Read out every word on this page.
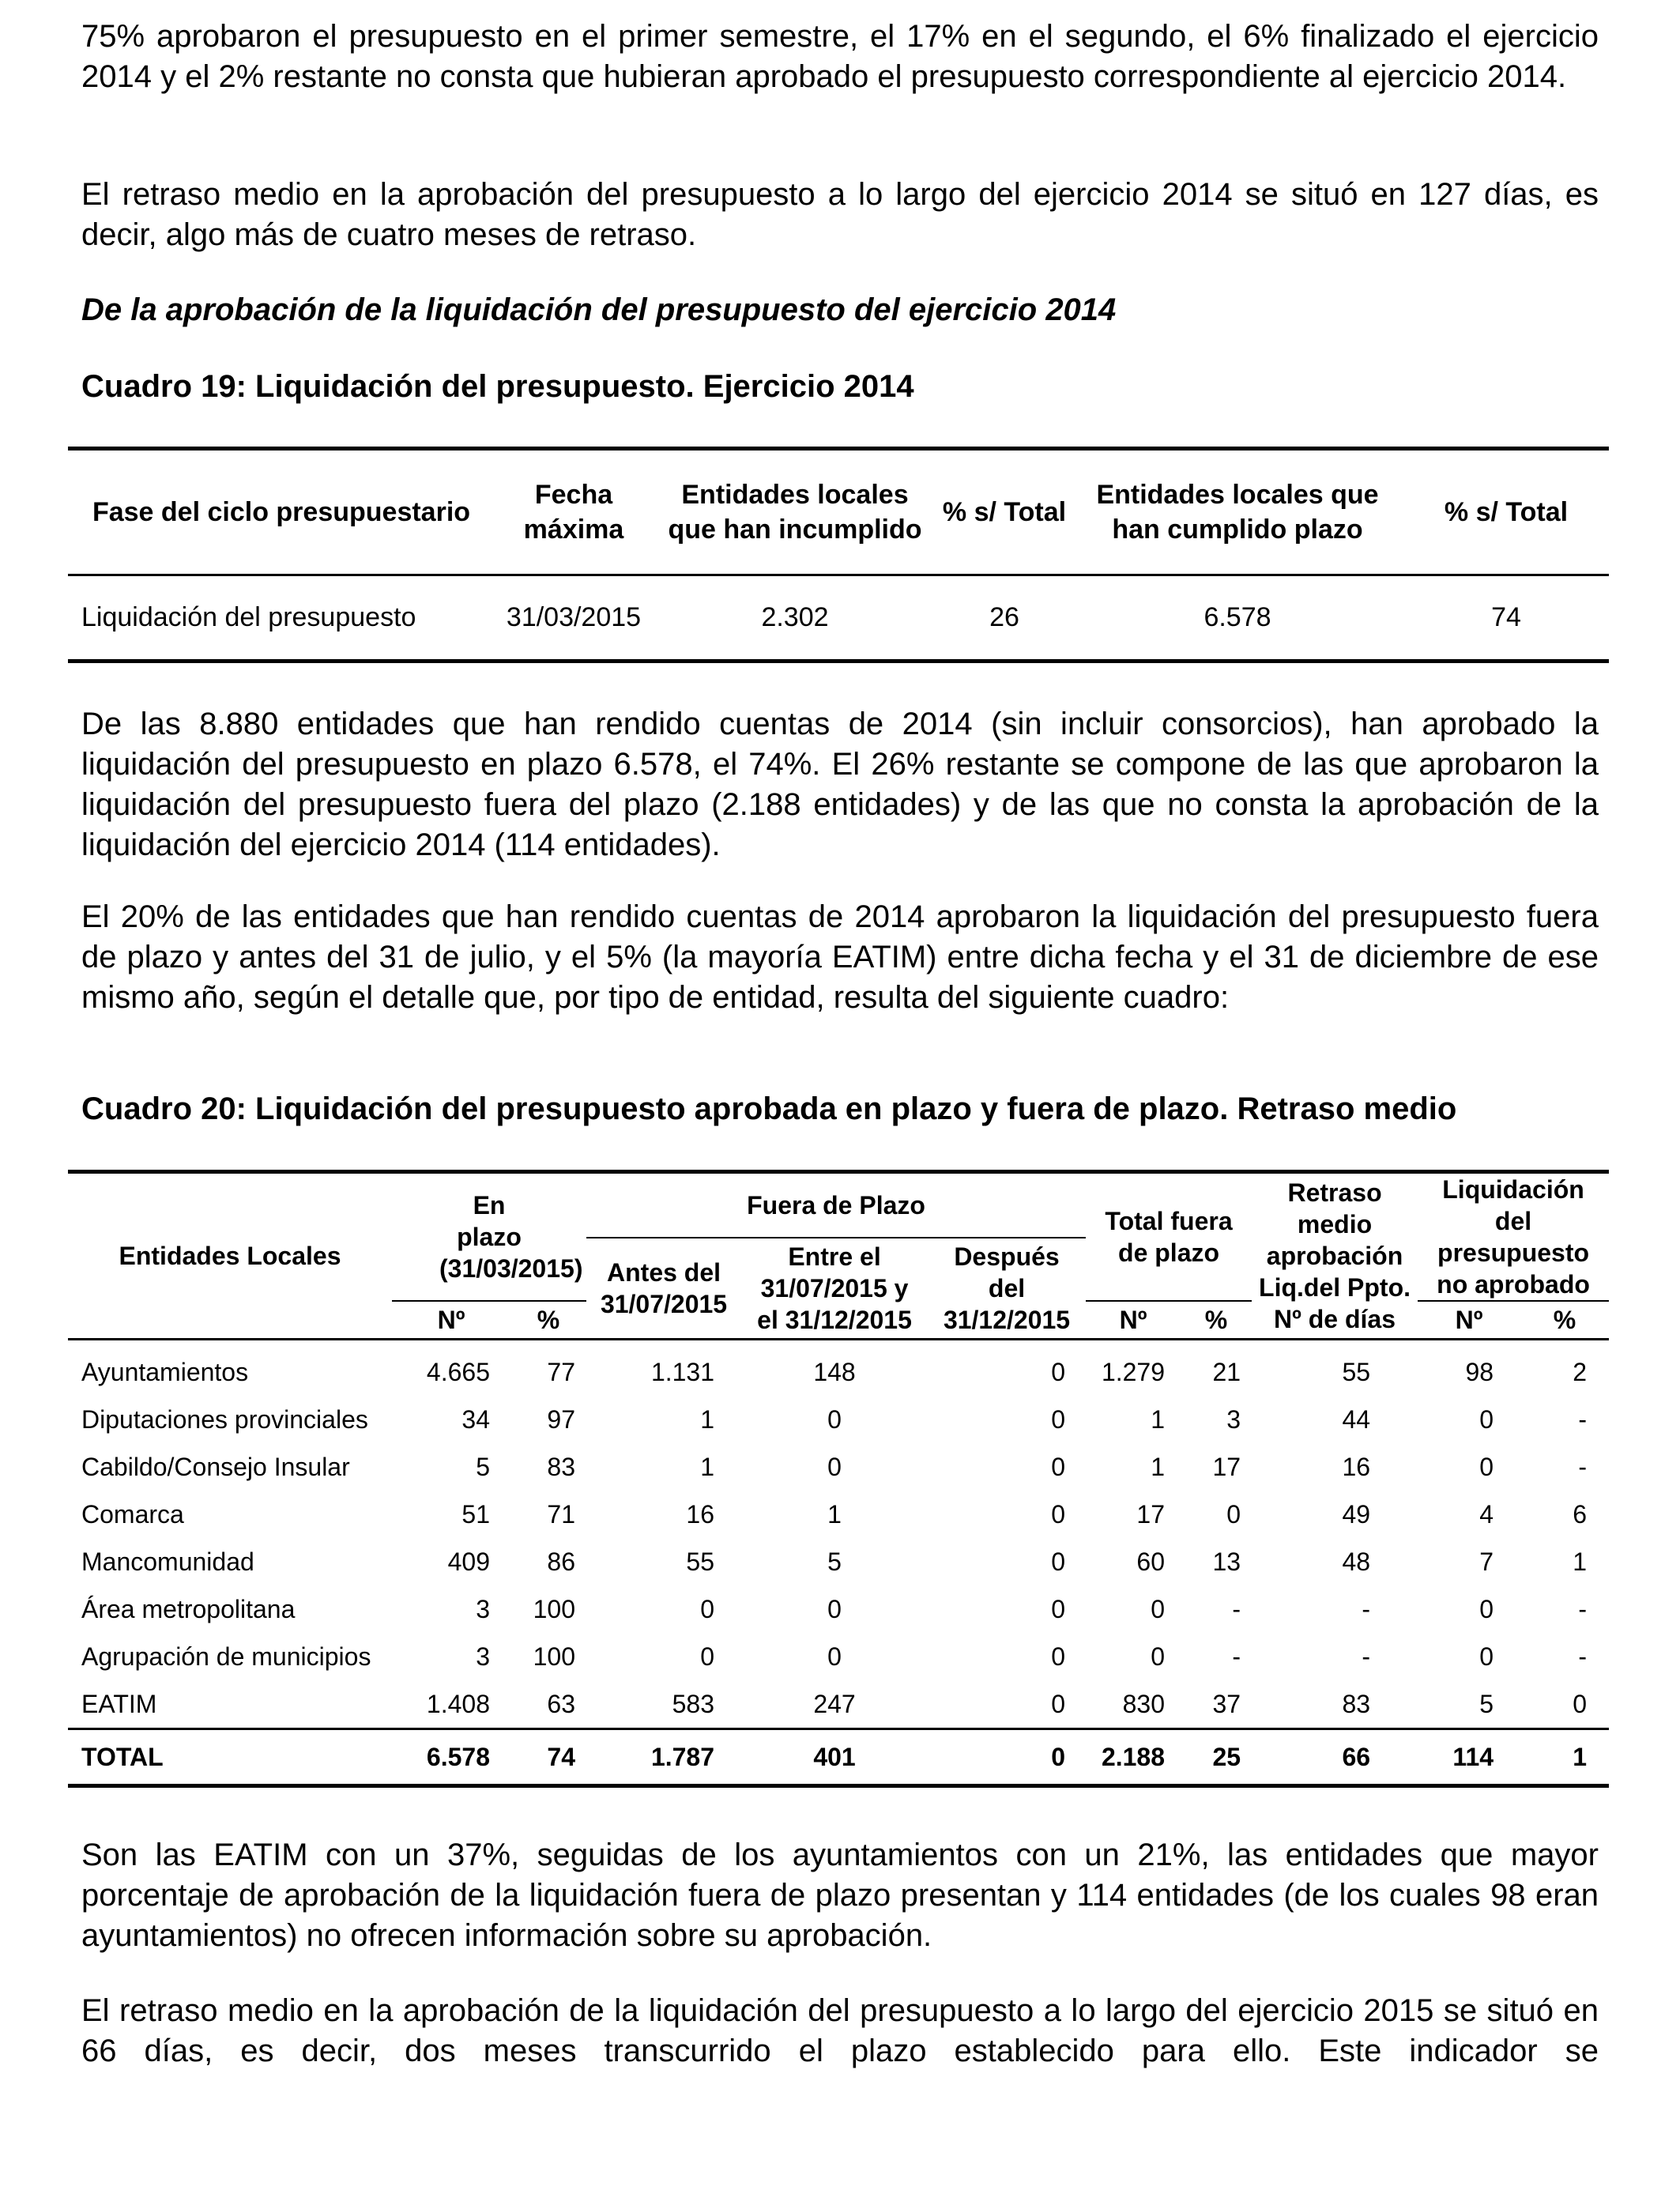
75% aprobaron el presupuesto en el primer semestre, el 17% en el segundo, el 6% finalizado el ejercicio 2014 y el 2% restante no consta que hubieran aprobado el presupuesto correspondiente al ejercicio 2014.

El retraso medio en la aprobación del presupuesto a lo largo del ejercicio 2014 se situó en 127 días, es decir, algo más de cuatro meses de retraso.

De la aprobación de la liquidación del presupuesto del ejercicio 2014

Cuadro 19: Liquidación del presupuesto. Ejercicio 2014

Fase del ciclo presupuestario	Fecha máxima	Entidades locales que han incumplido	% s/ Total	Entidades locales que han cumplido plazo	% s/ Total
Liquidación del presupuesto	31/03/2015	2.302	26	6.578	74

De las 8.880 entidades que han rendido cuentas de 2014 (sin incluir consorcios), han aprobado la liquidación del presupuesto en plazo 6.578, el 74%. El 26% restante se compone de las que aprobaron la liquidación del presupuesto fuera del plazo (2.188 entidades) y de las que no consta la aprobación de la liquidación del ejercicio 2014 (114 entidades).

El 20% de las entidades que han rendido cuentas de 2014 aprobaron la liquidación del presupuesto fuera de plazo y antes del 31 de julio, y el 5% (la mayoría EATIM) entre dicha fecha y el 31 de diciembre de ese mismo año, según el detalle que, por tipo de entidad, resulta del siguiente cuadro:

Cuadro 20: Liquidación del presupuesto aprobada en plazo y fuera de plazo. Retraso medio

Entidades Locales	En plazo (31/03/2015)		Fuera de Plazo			Total fuera de plazo		Retraso medio aprobación Liq.del Ppto. Nº de días	Liquidación del presupuesto no aprobado	
			Antes del 31/07/2015	Entre el 31/07/2015 y el 31/12/2015	Después del 31/12/2015					
	Nº	%				Nº	%		Nº	%
Ayuntamientos	4.665	77	1.131	148	0	1.279	21	55	98	2
Diputaciones provinciales	34	97	1	0	0	1	3	44	0	-
Cabildo/Consejo Insular	5	83	1	0	0	1	17	16	0	-
Comarca	51	71	16	1	0	17	0	49	4	6
Mancomunidad	409	86	55	5	0	60	13	48	7	1
Área metropolitana	3	100	0	0	0	0	-	-	0	-
Agrupación de municipios	3	100	0	0	0	0	-	-	0	-
EATIM	1.408	63	583	247	0	830	37	83	5	0
TOTAL	6.578	74	1.787	401	0	2.188	25	66	114	1

Son las EATIM con un 37%, seguidas de los ayuntamientos con un 21%, las entidades que mayor porcentaje de aprobación de la liquidación fuera de plazo presentan y 114 entidades (de los cuales 98 eran ayuntamientos) no ofrecen información sobre su aprobación.

El retraso medio en la aprobación de la liquidación del presupuesto a lo largo del ejercicio 2015 se situó en 66 días, es decir, dos meses transcurrido el plazo establecido para ello. Este indicador se
